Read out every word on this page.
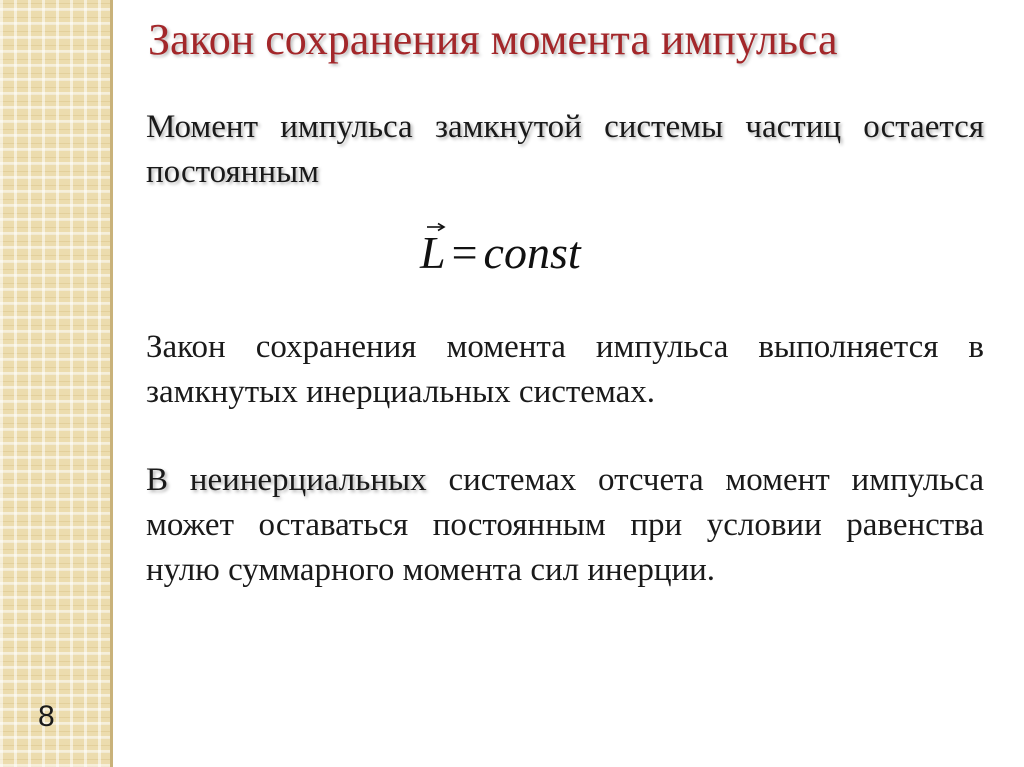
8
Закон сохранения момента импульса
Момент импульса замкнутой системы частиц остается постоянным
L = const
Закон сохранения момента импульса выполняется в замкнутых инерциальных системах.
В неинерциальных системах отсчета момент импульса может оставаться постоянным при условии равенства нулю суммарного момента сил инерции.
